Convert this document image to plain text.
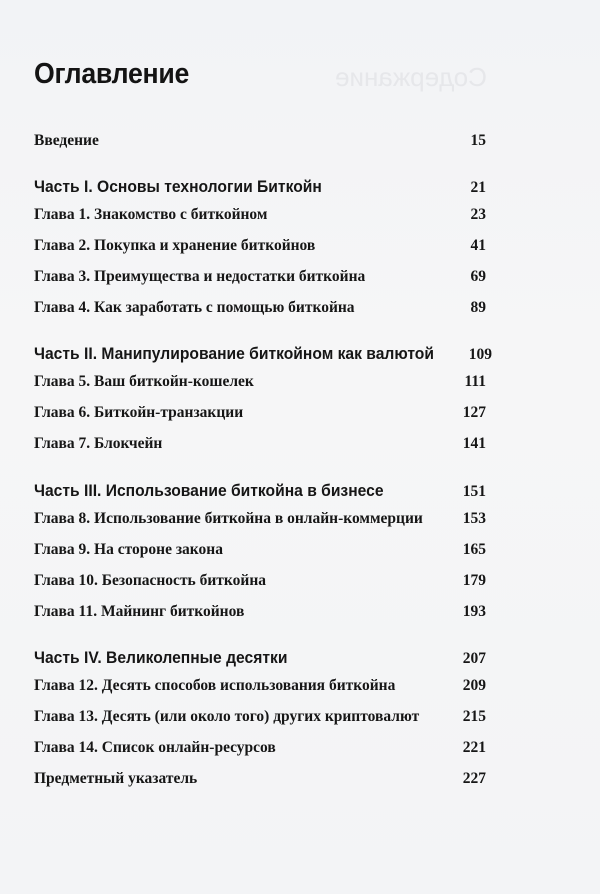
Содержание
Оглавление
Введение	15
Часть I. Основы технологии Биткойн	21
Глава 1. Знакомство с биткойном	23
Глава 2. Покупка и хранение биткойнов	41
Глава 3. Преимущества и недостатки биткойна	69
Глава 4. Как заработать с помощью биткойна	89
Часть II. Манипулирование биткойном как валютой 109
Глава 5. Ваш биткойн-кошелек	111
Глава 6. Биткойн-транзакции	127
Глава 7. Блокчейн	141
Часть III. Использование биткойна в бизнесе	151
Глава 8. Использование биткойна в онлайн-коммерции	153
Глава 9. На стороне закона	165
Глава 10. Безопасность биткойна	179
Глава 11. Майнинг биткойнов	193
Часть IV. Великолепные десятки	207
Глава 12. Десять способов использования биткойна	209
Глава 13. Десять (или около того) других криптовалют	215
Глава 14. Список онлайн-ресурсов	221
Предметный указатель	227
